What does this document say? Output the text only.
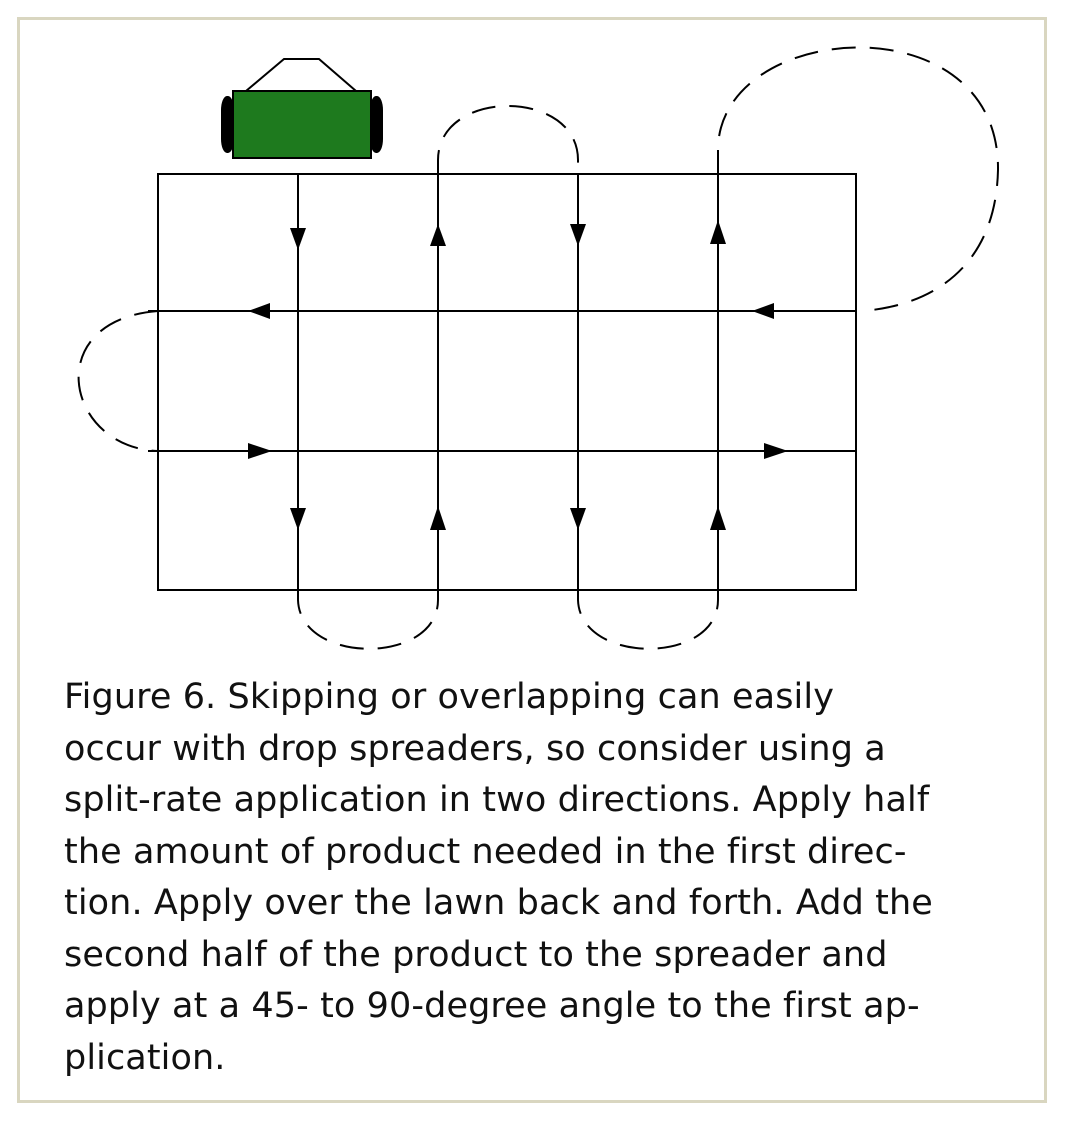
Figure 6. Skipping or overlapping can easily
occur with drop spreaders, so consider using a
split-rate application in two directions. Apply half
the amount of product needed in the first direc-
tion. Apply over the lawn back and forth. Add the
second half of the product to the spreader and
apply at a 45- to 90-degree angle to the first ap-
plication.
